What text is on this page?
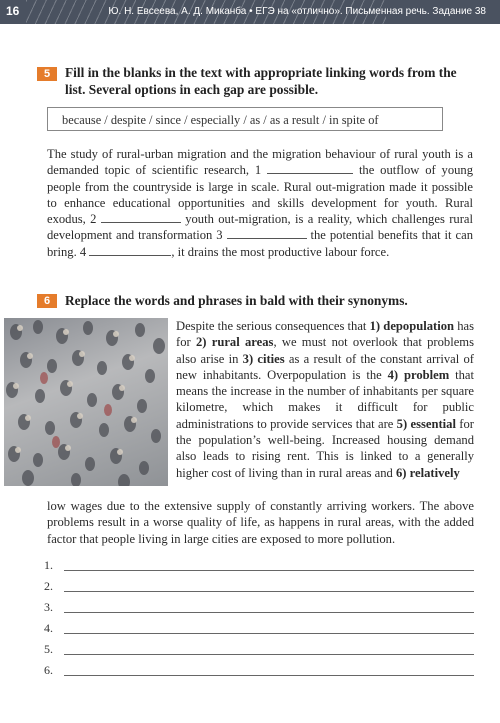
16	Ю. Н. Евсеева, А. Д. Миканба • ЕГЭ на «отлично». Письменная речь. Задание 38
5	Fill in the blanks in the text with appropriate linking words from the list. Several options in each gap are possible.
because / despite / since / especially / as / as a result / in spite of
The study of rural-urban migration and the migration behaviour of rural youth is a demanded topic of scientific research, 1	the outflow of young people from the countryside is large in scale. Rural out-migration made it possible to enhance educational opportunities and skills development for youth. Rural exodus, 2	youth out-migration, is a reality, which challenges rural development and transformation 3	the potential benefits that it can bring. 4	, it drains the most productive labour force.
6	Replace the words and phrases in bald with their synonyms.
Despite the serious consequences that 1) depopulation has for 2) rural areas, we must not overlook that problems also arise in 3) cities as a result of the constant arrival of new inhabitants. Overpopulation is the 4) problem that means the increase in the number of inhabitants per square kilometre, which makes it difficult for public administrations to provide services that are 5) essential for the population’s well-being. Increased housing demand also leads to rising rent. This is linked to a generally higher cost of living than in rural areas and 6) relatively
low wages due to the extensive supply of constantly arriving workers. The above problems result in a worse quality of life, as happens in rural areas, with the added factor that people living in large cities are exposed to more pollution.
1.
2.
3.
4.
5.
6.
